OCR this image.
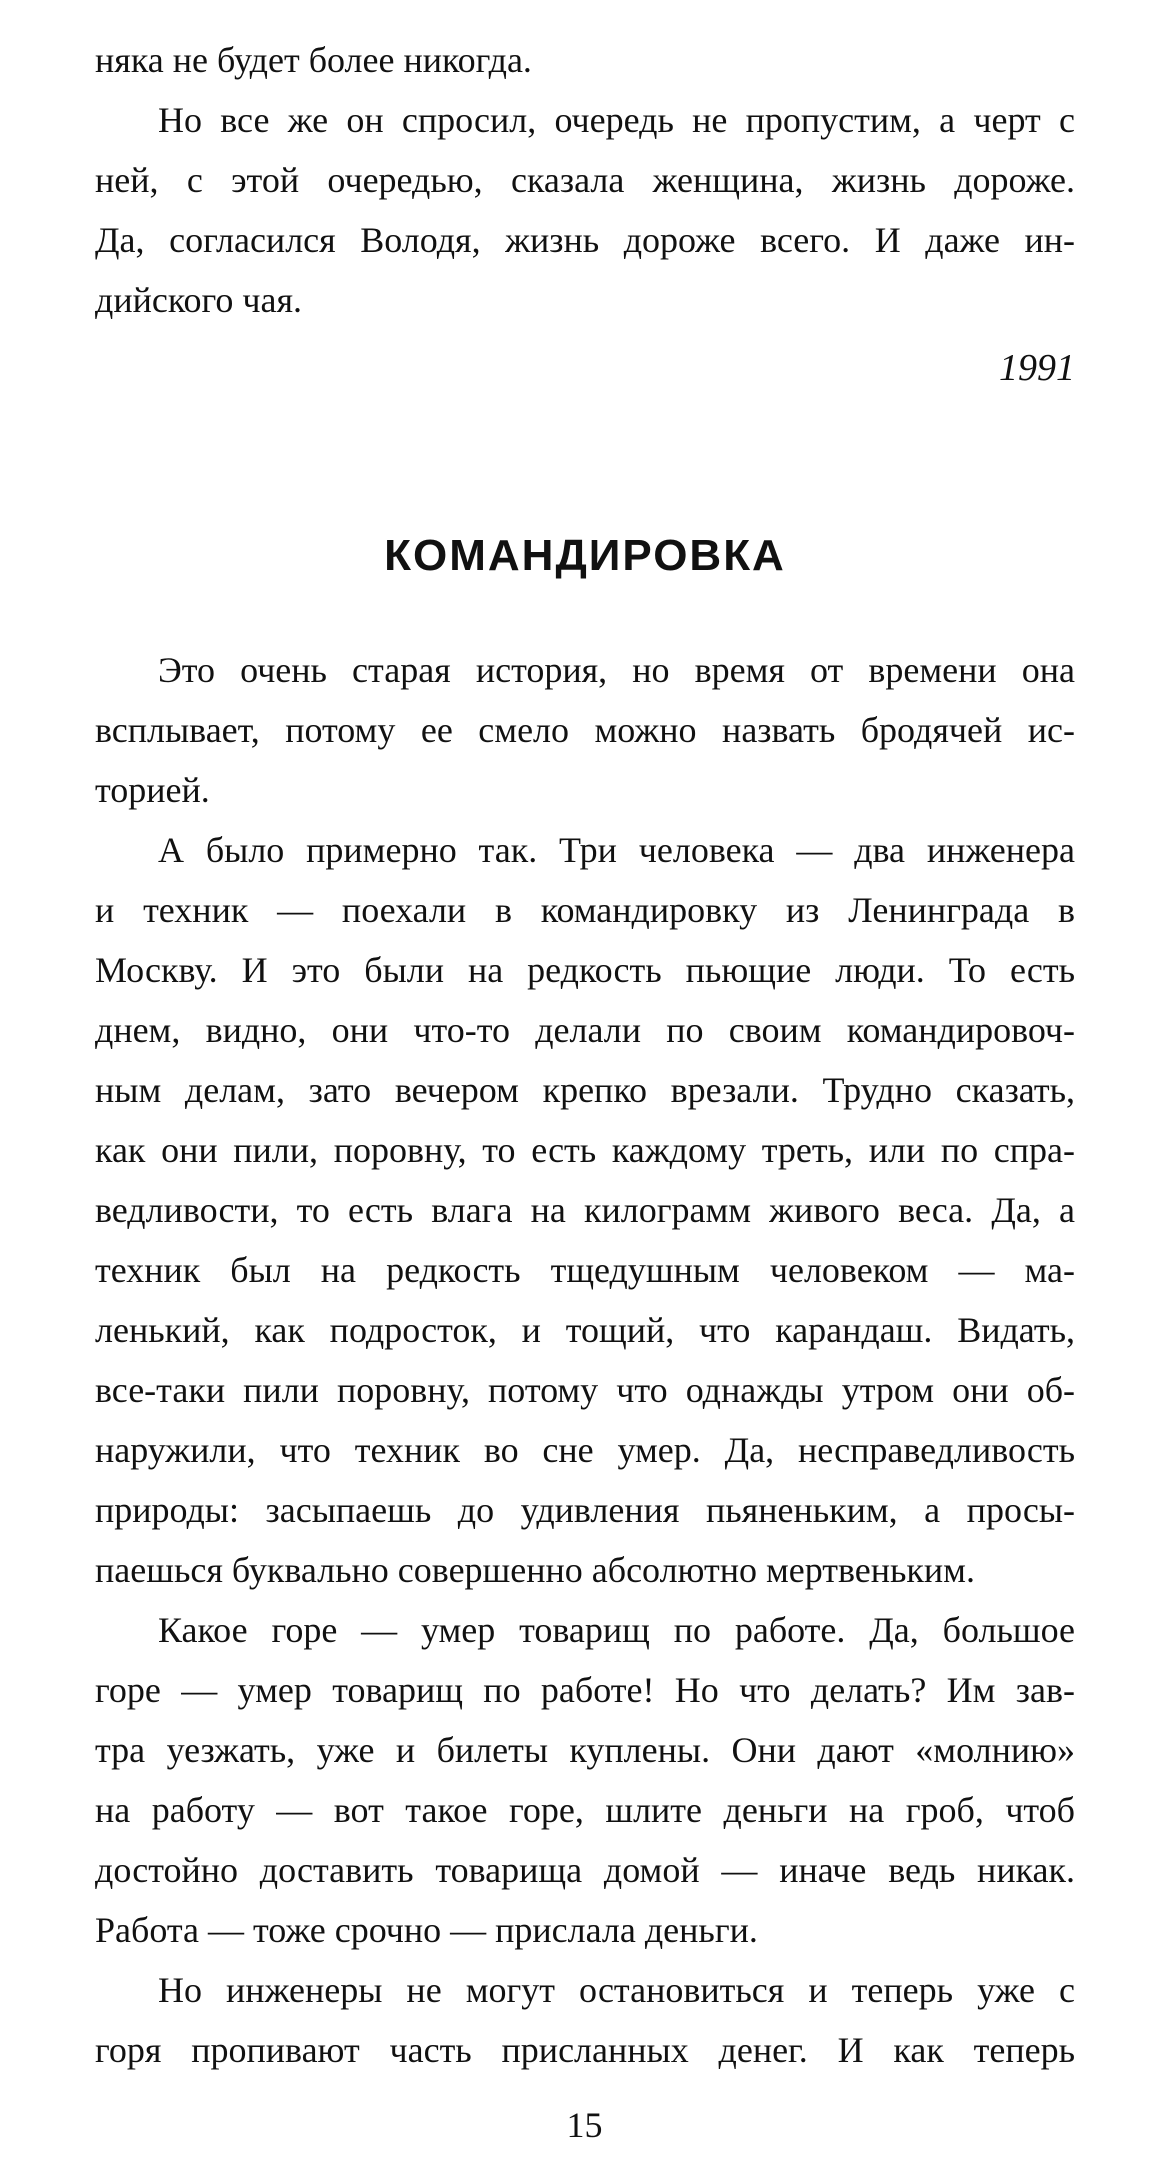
няка не будет более никогда.
Но все же он спросил, очередь не пропустим, а черт с
ней, с этой очередью, сказала женщина, жизнь дороже.
Да, согласился Володя, жизнь дороже всего. И даже ин-
дийского чая.
1991
КОМАНДИРОВКА
Это очень старая история, но время от времени она
всплывает, потому ее смело можно назвать бродячей ис-
торией.
А было примерно так. Три человека — два инженера
и техник — поехали в командировку из Ленинграда в
Москву. И это были на редкость пьющие люди. То есть
днем, видно, они что-то делали по своим командировоч-
ным делам, зато вечером крепко врезали. Трудно сказать,
как они пили, поровну, то есть каждому треть, или по спра-
ведливости, то есть влага на килограмм живого веса. Да, а
техник был на редкость тщедушным человеком — ма-
ленький, как подросток, и тощий, что карандаш. Видать,
все-таки пили поровну, потому что однажды утром они об-
наружили, что техник во сне умер. Да, несправедливость
природы: засыпаешь до удивления пьяненьким, а просы-
паешься буквально совершенно абсолютно мертвеньким.
Какое горе — умер товарищ по работе. Да, большое
горе — умер товарищ по работе! Но что делать? Им зав-
тра уезжать, уже и билеты куплены. Они дают «молнию»
на работу — вот такое горе, шлите деньги на гроб, чтоб
достойно доставить товарища домой — иначе ведь никак.
Работа — тоже срочно — прислала деньги.
Но инженеры не могут остановиться и теперь уже с
горя пропивают часть присланных денег. И как теперь
15
